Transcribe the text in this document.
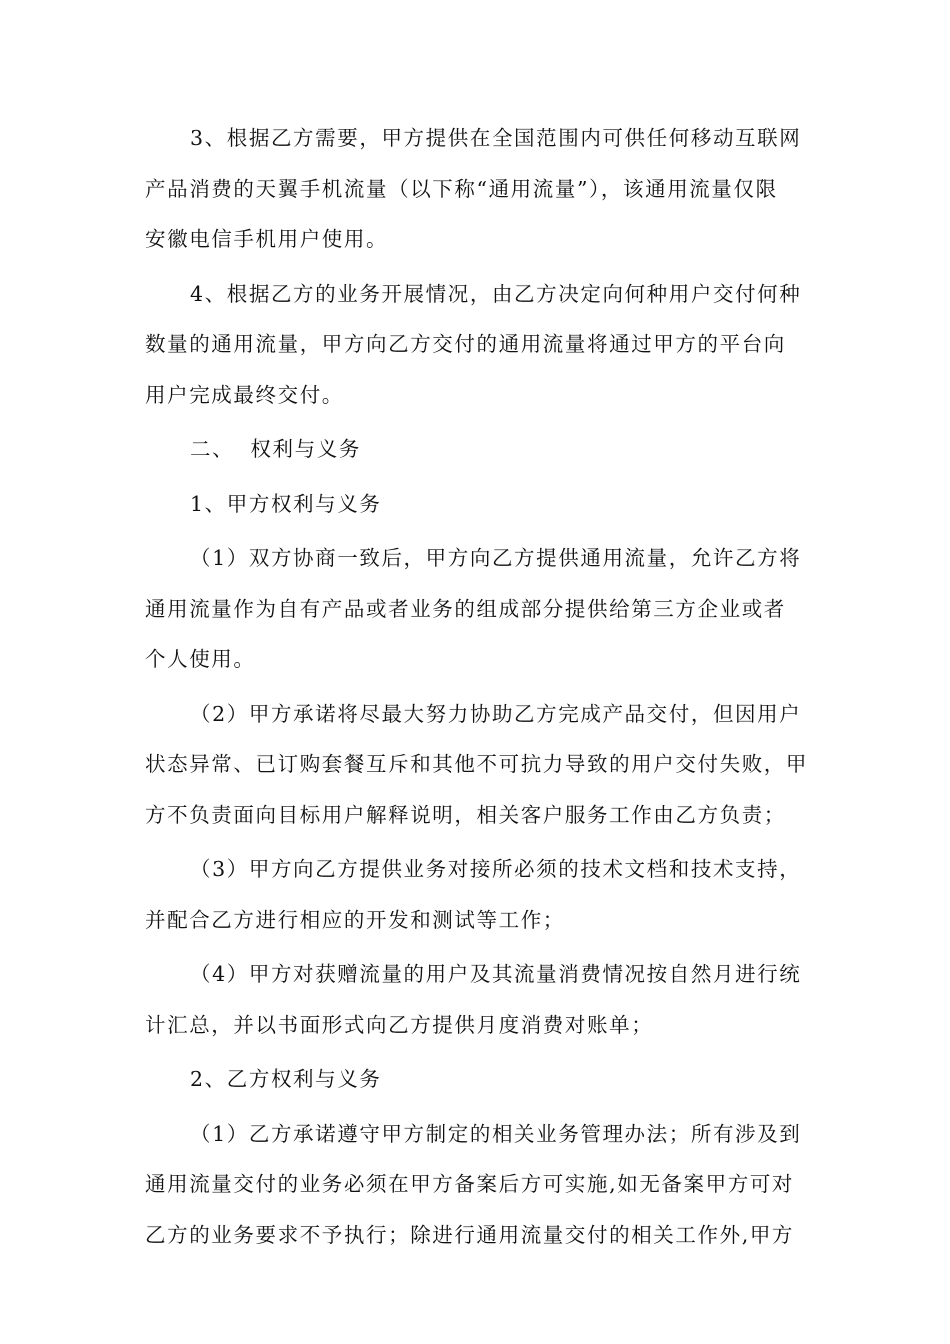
3、根据乙方需要，甲方提供在全国范围内可供任何移动互联网
产品消费的天翼手机流量（以下称“通用流量”），该通用流量仅限
安徽电信手机用户使用。
4、根据乙方的业务开展情况，由乙方决定向何种用户交付何种
数量的通用流量，甲方向乙方交付的通用流量将通过甲方的平台向
用户完成最终交付。
二、  权利与义务
1、甲方权利与义务
（1）双方协商一致后，甲方向乙方提供通用流量，允许乙方将
通用流量作为自有产品或者业务的组成部分提供给第三方企业或者
个人使用。
（2）甲方承诺将尽最大努力协助乙方完成产品交付，但因用户
状态异常、已订购套餐互斥和其他不可抗力导致的用户交付失败，甲
方不负责面向目标用户解释说明，相关客户服务工作由乙方负责；
（3）甲方向乙方提供业务对接所必须的技术文档和技术支持，
并配合乙方进行相应的开发和测试等工作；
（4）甲方对获赠流量的用户及其流量消费情况按自然月进行统
计汇总，并以书面形式向乙方提供月度消费对账单；
2、乙方权利与义务
（1）乙方承诺遵守甲方制定的相关业务管理办法；所有涉及到
通用流量交付的业务必须在甲方备案后方可实施,如无备案甲方可对
乙方的业务要求不予执行；除进行通用流量交付的相关工作外,甲方
